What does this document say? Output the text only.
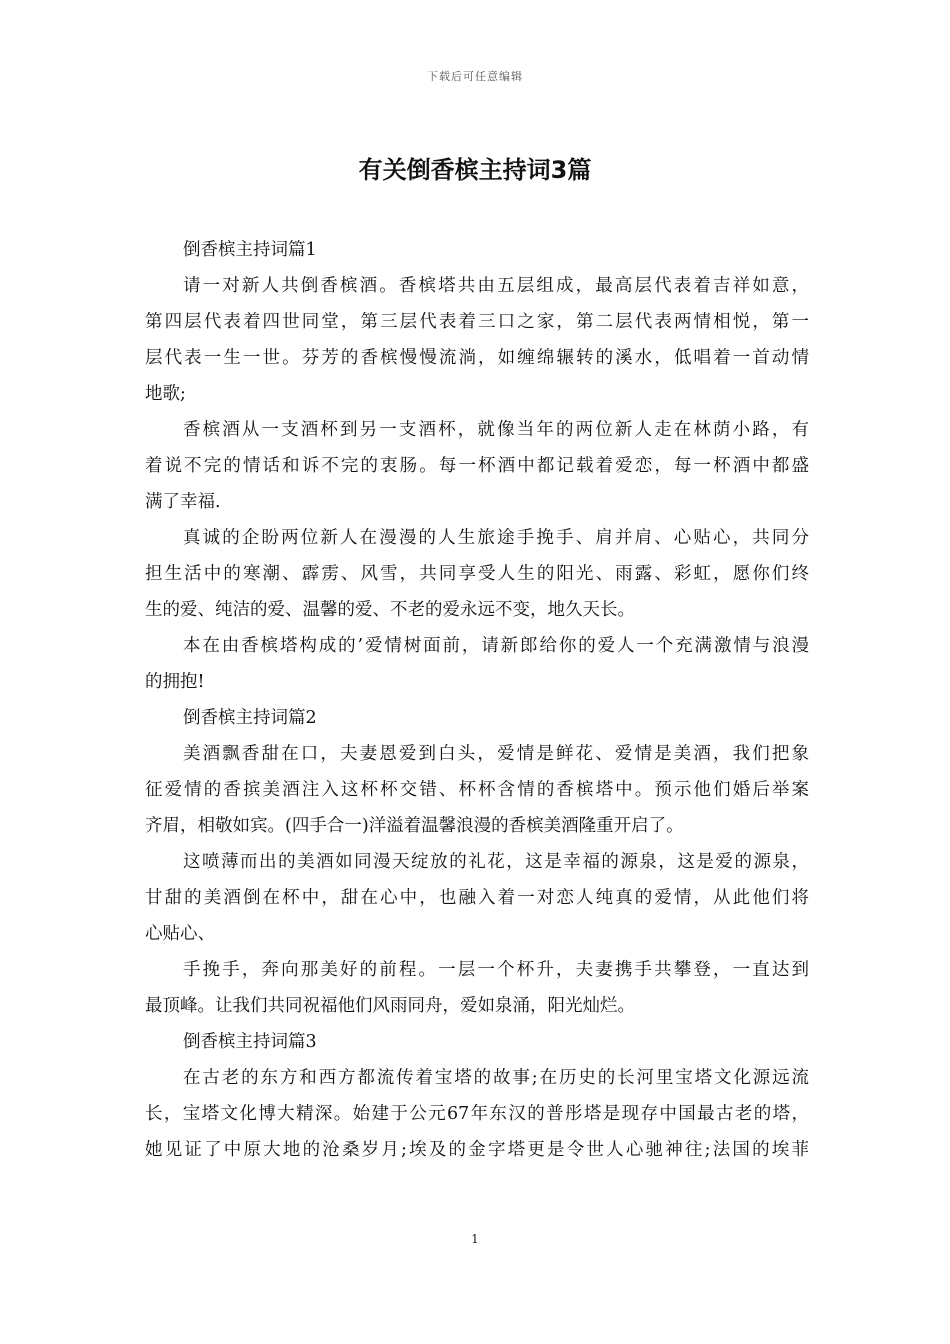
下载后可任意编辑
有关倒香槟主持词3篇
倒香槟主持词篇1
请一对新人共倒香槟酒。香槟塔共由五层组成，最高层代表着吉祥如意，
第四层代表着四世同堂，第三层代表着三口之家，第二层代表两情相悦，第一
层代表一生一世。芬芳的香槟慢慢流淌，如缠绵辗转的溪水，低唱着一首动情
地歌;
香槟酒从一支酒杯到另一支酒杯，就像当年的两位新人走在林荫小路，有
着说不完的情话和诉不完的衷肠。每一杯酒中都记载着爱恋，每一杯酒中都盛
满了幸福.
真诚的企盼两位新人在漫漫的人生旅途手挽手、肩并肩、心贴心，共同分
担生活中的寒潮、霹雳、风雪，共同享受人生的阳光、雨露、彩虹，愿你们终
生的爱、纯洁的爱、温馨的爱、不老的爱永远不变，地久天长。
本在由香槟塔构成的’爱情树面前，请新郎给你的爱人一个充满激情与浪漫
的拥抱!
倒香槟主持词篇2
美酒飘香甜在口，夫妻恩爱到白头，爱情是鲜花、爱情是美酒，我们把象
征爱情的香摈美酒注入这杯杯交错、杯杯含情的香槟塔中。预示他们婚后举案
齐眉，相敬如宾。(四手合一)洋溢着温馨浪漫的香槟美酒隆重开启了。
这喷薄而出的美酒如同漫天绽放的礼花，这是幸福的源泉，这是爱的源泉，
甘甜的美酒倒在杯中，甜在心中，也融入着一对恋人纯真的爱情，从此他们将
心贴心、
手挽手，奔向那美好的前程。一层一个杯升，夫妻携手共攀登，一直达到
最顶峰。让我们共同祝福他们风雨同舟，爱如泉涌，阳光灿烂。
倒香槟主持词篇3
在古老的东方和西方都流传着宝塔的故事;在历史的长河里宝塔文化源远流
长，宝塔文化博大精深。始建于公元67年东汉的普彤塔是现存中国最古老的塔，
她见证了中原大地的沧桑岁月;埃及的金字塔更是令世人心驰神往;法国的埃菲
1
